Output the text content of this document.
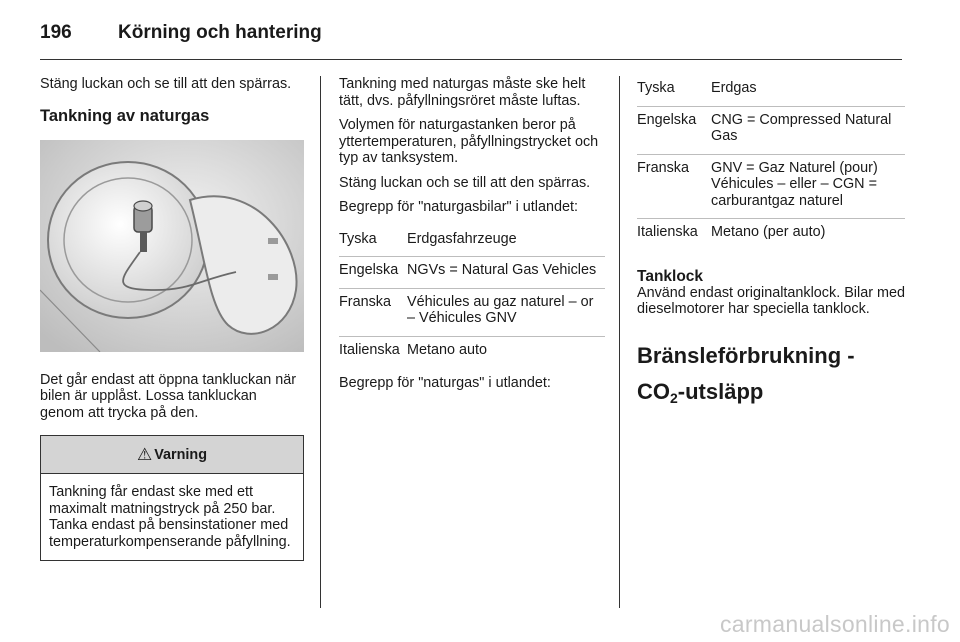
196 Körning och hantering

Stäng luckan och se till att den spärras.

Tankning av naturgas

Det går endast att öppna tankluckan när bilen är upplåst. Lossa tankluckan genom att trycka på den.

⚠ Varning

Tankning får endast ske med ett maximalt matningstryck på 250 bar. Tanka endast på bensinstationer med temperaturkompenserande påfyllning.

Tankning med naturgas måste ske helt tätt, dvs. påfyllningsröret måste luftas.

Volymen för naturgastanken beror på yttertemperaturen, påfyllningstrycket och typ av tanksystem.

Stäng luckan och se till att den spärras.

Begrepp för "naturgasbilar" i utlandet:

Tyska	Erdgasfahrzeuge
Engelska	NGVs = Natural Gas Vehicles
Franska	Véhicules au gaz naturel – or – Véhicules GNV
Italienska	Metano auto

Begrepp för "naturgas" i utlandet:

Tyska	Erdgas
Engelska	CNG = Compressed Natural Gas
Franska	GNV = Gaz Naturel (pour) Véhicules – eller – CGN = carburantgaz naturel
Italienska	Metano (per auto)
Tanklock

Använd endast originaltanklock. Bilar med dieselmotorer har speciella tanklock.

Bränsleförbrukning - $CO_2$-utsläpp
carmanualsonline.info
